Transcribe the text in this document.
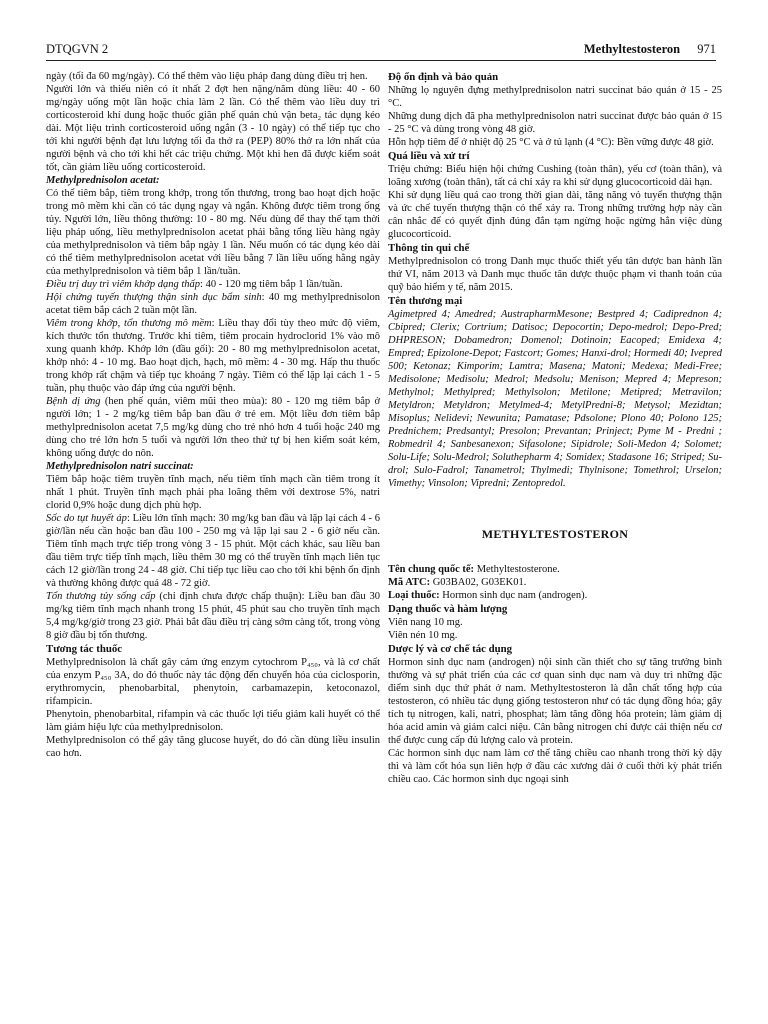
DTQGVN 2	Methyltestosteron 971

ngày (tối đa 60 mg/ngày). Có thể thêm vào liệu pháp đang dùng điều trị hen.

Người lớn và thiếu niên có ít nhất 2 đợt hen nặng/năm dùng liều: 40 - 60 mg/ngày uống một lần hoặc chia làm 2 lần. Có thể thêm vào liều duy trì corticosteroid khí dung hoặc thuốc giãn phế quản chủ vận beta₂ tác dụng kéo dài. Một liệu trình corticosteroid uống ngắn (3 - 10 ngày) có thể tiếp tục cho tới khi người bệnh đạt lưu lượng tối đa thở ra (PEP) 80% thở ra lớn nhất của người bệnh và cho tới khi hết các triệu chứng. Một khi hen đã được kiểm soát tốt, cần giảm liều uống corticosteroid.

Methylprednisolon acetat:

Có thể tiêm bắp, tiêm trong khớp, trong tổn thương, trong bao hoạt dịch hoặc trong mô mềm khi cần có tác dụng ngay và ngắn. Không được tiêm trong ống tủy. Người lớn, liều thông thường: 10 - 80 mg. Nếu dùng để thay thế tạm thời liệu pháp uống, liều methylprednisolon acetat phải bằng tổng liều hàng ngày của methylprednisolon và tiêm bắp ngày 1 lần. Nếu muốn có tác dụng kéo dài có thể tiêm methylprednisolon acetat với liều bằng 7 lần liều uống hằng ngày của methylprednisolon và tiêm bắp 1 lần/tuần.

Điều trị duy trì viêm khớp dạng thấp: 40 - 120 mg tiêm bắp 1 lần/tuần.

Hội chứng tuyến thượng thận sinh dục bẩm sinh: 40 mg methylprednisolon acetat tiêm bắp cách 2 tuần một lần.

Viêm trong khớp, tổn thương mô mềm: Liều thay đổi tùy theo mức độ viêm, kích thước tổn thương. Trước khi tiêm, tiêm procain hydroclorid 1% vào mô xung quanh khớp. Khớp lớn (đầu gối): 20 - 80 mg methylprednisolon acetat, khớp nhỏ: 4 - 10 mg. Bao hoạt dịch, hạch, mô mềm: 4 - 30 mg. Hấp thu thuốc trong khớp rất chậm và tiếp tục khoảng 7 ngày. Tiêm có thể lặp lại cách 1 - 5 tuần, phụ thuộc vào đáp ứng của người bệnh.

Bệnh dị ứng (hen phế quản, viêm mũi theo mùa): 80 - 120 mg tiêm bắp ở người lớn; 1 - 2 mg/kg tiêm bắp ban đầu ở trẻ em. Một liều đơn tiêm bắp methylprednisolon acetat 7,5 mg/kg dùng cho trẻ nhỏ hơn 4 tuổi hoặc 240 mg dùng cho trẻ lớn hơn 5 tuổi và người lớn theo thứ tự bị hen kiểm soát kém, không uống được do nôn.

Methylprednisolon natri succinat:

Tiêm bắp hoặc tiêm truyền tĩnh mạch, nếu tiêm tĩnh mạch cần tiêm trong ít nhất 1 phút. Truyền tĩnh mạch phải pha loãng thêm với dextrose 5%, natri clorid 0,9% hoặc dung dịch phù hợp.

Sốc do tụt huyết áp: Liều lớn tĩnh mạch: 30 mg/kg ban đầu và lặp lại cách 4 - 6 giờ/lần nếu cần hoặc ban đầu 100 - 250 mg và lặp lại sau 2 - 6 giờ nếu cần. Tiêm tĩnh mạch trực tiếp trong vòng 3 - 15 phút. Một cách khác, sau liều ban đầu tiêm trực tiếp tĩnh mạch, liều thêm 30 mg có thể truyền tĩnh mạch liên tục cách 12 giờ/lần trong 24 - 48 giờ. Chỉ tiếp tục liều cao cho tới khi bệnh ổn định và thường không được quá 48 - 72 giờ.

Tổn thương tủy sống cấp (chỉ định chưa được chấp thuận): Liều ban đầu 30 mg/kg tiêm tĩnh mạch nhanh trong 15 phút, 45 phút sau cho truyền tĩnh mạch 5,4 mg/kg/giờ trong 23 giờ. Phải bắt đầu điều trị càng sớm càng tốt, trong vòng 8 giờ đầu bị tổn thương.

Tương tác thuốc

Methylprednisolon là chất gây cảm ứng enzym cytochrom P₄₅₀, và là cơ chất của enzym P₄₅₀ 3A, do đó thuốc này tác động đến chuyển hóa của ciclosporin, erythromycin, phenobarbital, phenytoin, carbamazepin, ketoconazol, rifampicin.

Phenytoin, phenobarbital, rifampin và các thuốc lợi tiểu giảm kali huyết có thể làm giảm hiệu lực của methylprednisolon.

Methylprednisolon có thể gây tăng glucose huyết, do đó cần dùng liều insulin cao hơn.

Độ ổn định và bảo quản

Những lọ nguyên đựng methylprednisolon natri succinat bảo quản ở 15 - 25 °C.

Những dung dịch đã pha methylprednisolon natri succinat được bảo quản ở 15 - 25 °C và dùng trong vòng 48 giờ.

Hỗn hợp tiêm để ở nhiệt độ 25 °C và ở tủ lạnh (4 °C): Bền vững được 48 giờ.

Quá liều và xử trí

Triệu chứng: Biểu hiện hội chứng Cushing (toàn thân), yếu cơ (toàn thân), và loãng xương (toàn thân), tất cả chỉ xảy ra khi sử dụng glucocorticoid dài hạn.

Khi sử dụng liều quá cao trong thời gian dài, tăng năng vỏ tuyến thượng thận và ức chế tuyến thượng thận có thể xảy ra. Trong những trường hợp này cần cân nhắc để có quyết định đúng đắn tạm ngừng hoặc ngừng hẳn việc dùng glucocorticoid.

Thông tin qui chế

Methylprednisolon có trong Danh mục thuốc thiết yếu tân dược ban hành lần thứ VI, năm 2013 và Danh mục thuốc tân dược thuộc phạm vi thanh toán của quỹ bảo hiểm y tế, năm 2015.

Tên thương mại

Agimetpred 4; Amedred; AustrapharmMesone; Bestpred 4; Cadiprednon 4; Cbipred; Clerix; Cortrium; Datisoc; Depocortin; Depo-medrol; Depo-Pred; DHPRESON; Dobamedron; Domenol; Dotinoin; Eacoped; Emidexa 4; Empred; Epizolone-Depot; Fastcort; Gomes; Hanxi-drol; Hormedi 40; Ivepred 500; Ketonaz; Kimporim; Lamtra; Masena; Matoni; Medexa; Medi-Free; Medisolone; Medisolu; Medrol; Medsolu; Menison; Mepred 4; Mepreson; Methylnol; Methylpred; Methylsolon; Metilone; Metipred; Metravilon; Metyldron; Metyldron; Metylmed-4; MetylPredni-8; Metysol; Mezidtan; Misoplus; Nelidevi; Newunita; Pamatase; Pdsolone; Plono 40; Polono 125; Prednichem; Predsantyl; Presolon; Prevantan; Prinject; Pyme M - Predni ; Robmedril 4; Sanbesanexon; Sifasolone; Sipidrole; Soli-Medon 4; Solomet; Solu-Life; Solu-Medrol; Soluthepharm 4; Somidex; Stadasone 16; Striped; Su-drol; Sulo-Fadrol; Tanametrol; Thylmedi; Thylnisone; Tomethrol; Urselon; Vimethy; Vinsolon; Vipredni; Zentopredol.

METHYLTESTOSTERON

Tên chung quốc tế: Methyltestosterone.

Mã ATC: G03BA02, G03EK01.

Loại thuốc: Hormon sinh dục nam (androgen).

Dạng thuốc và hàm lượng

Viên nang 10 mg.

Viên nén 10 mg.

Dược lý và cơ chế tác dụng

Hormon sinh dục nam (androgen) nội sinh cần thiết cho sự tăng trưởng bình thường và sự phát triển của các cơ quan sinh dục nam và duy trì những đặc điểm sinh dục thứ phát ở nam. Methyltestosteron là dẫn chất tổng hợp của testosteron, có nhiều tác dụng giống testosteron như có tác dụng đồng hóa; gây tích tụ nitrogen, kali, natri, phosphat; làm tăng đồng hóa protein; làm giảm dị hóa acid amin và giảm calci niệu. Cân bằng nitrogen chỉ được cải thiện nếu cơ thể được cung cấp đủ lượng calo và protein.

Các hormon sinh dục nam làm cơ thể tăng chiều cao nhanh trong thời kỳ dậy thì và làm cốt hóa sụn liên hợp ở đầu các xương dài ở cuối thời kỳ phát triển chiều cao. Các hormon sinh dục ngoại sinh
